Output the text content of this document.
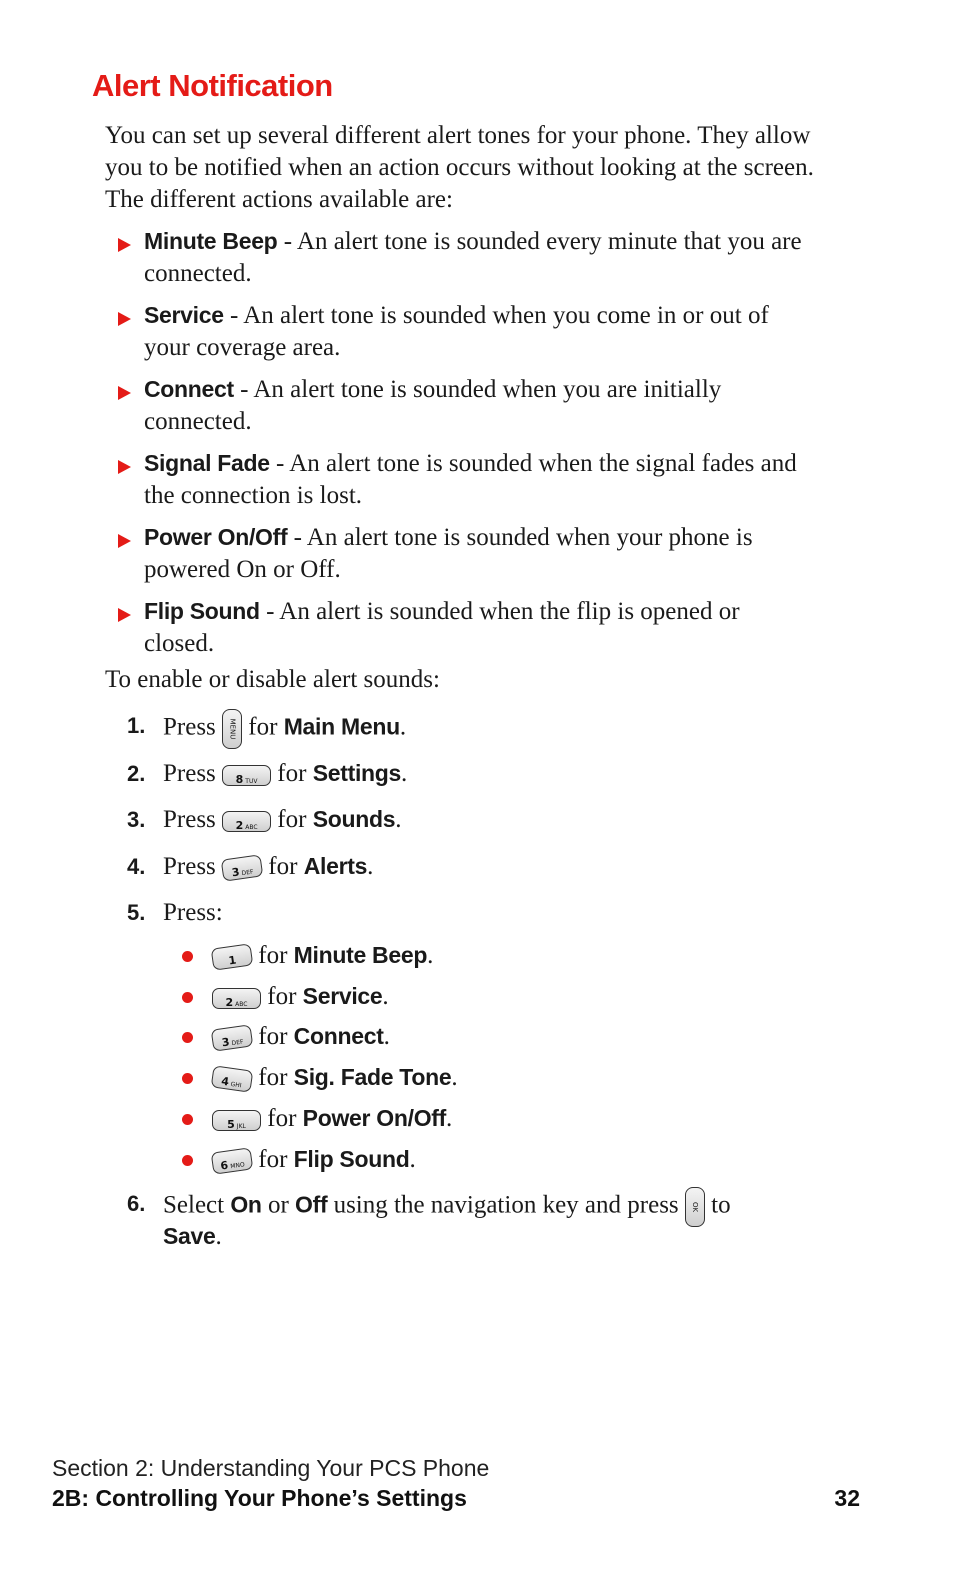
Alert Notification

You can set up several different alert tones for your phone. They allow you to be notified when an action occurs without looking at the screen. The different actions available are:

Minute Beep - An alert tone is sounded every minute that you are connected.
Service - An alert tone is sounded when you come in or out of your coverage area.
Connect - An alert tone is sounded when you are initially connected.
Signal Fade - An alert tone is sounded when the signal fades and the connection is lost.
Power On/Off - An alert tone is sounded when your phone is powered On or Off.
Flip Sound - An alert is sounded when the flip is opened or closed.

To enable or disable alert sounds:

1. Press	MENU for Main Menu.
2. Press 8 TUV for Settings.
3. Press 2 ABC for Sounds.
4. Press 3DEF for Alerts.
5. Press:
1 for Minute Beep.
2 ABC for Service.
3DEF for Connect.
4GHI for Sig. Fade Tone.
5 JKL for Power On/Off.
6MNO for Flip Sound.
6. Select On or Off using the navigation key and press	OK to
Save.
Section 2: Understanding Your PCS Phone
2B: Controlling Your Phone’s Settings	32
